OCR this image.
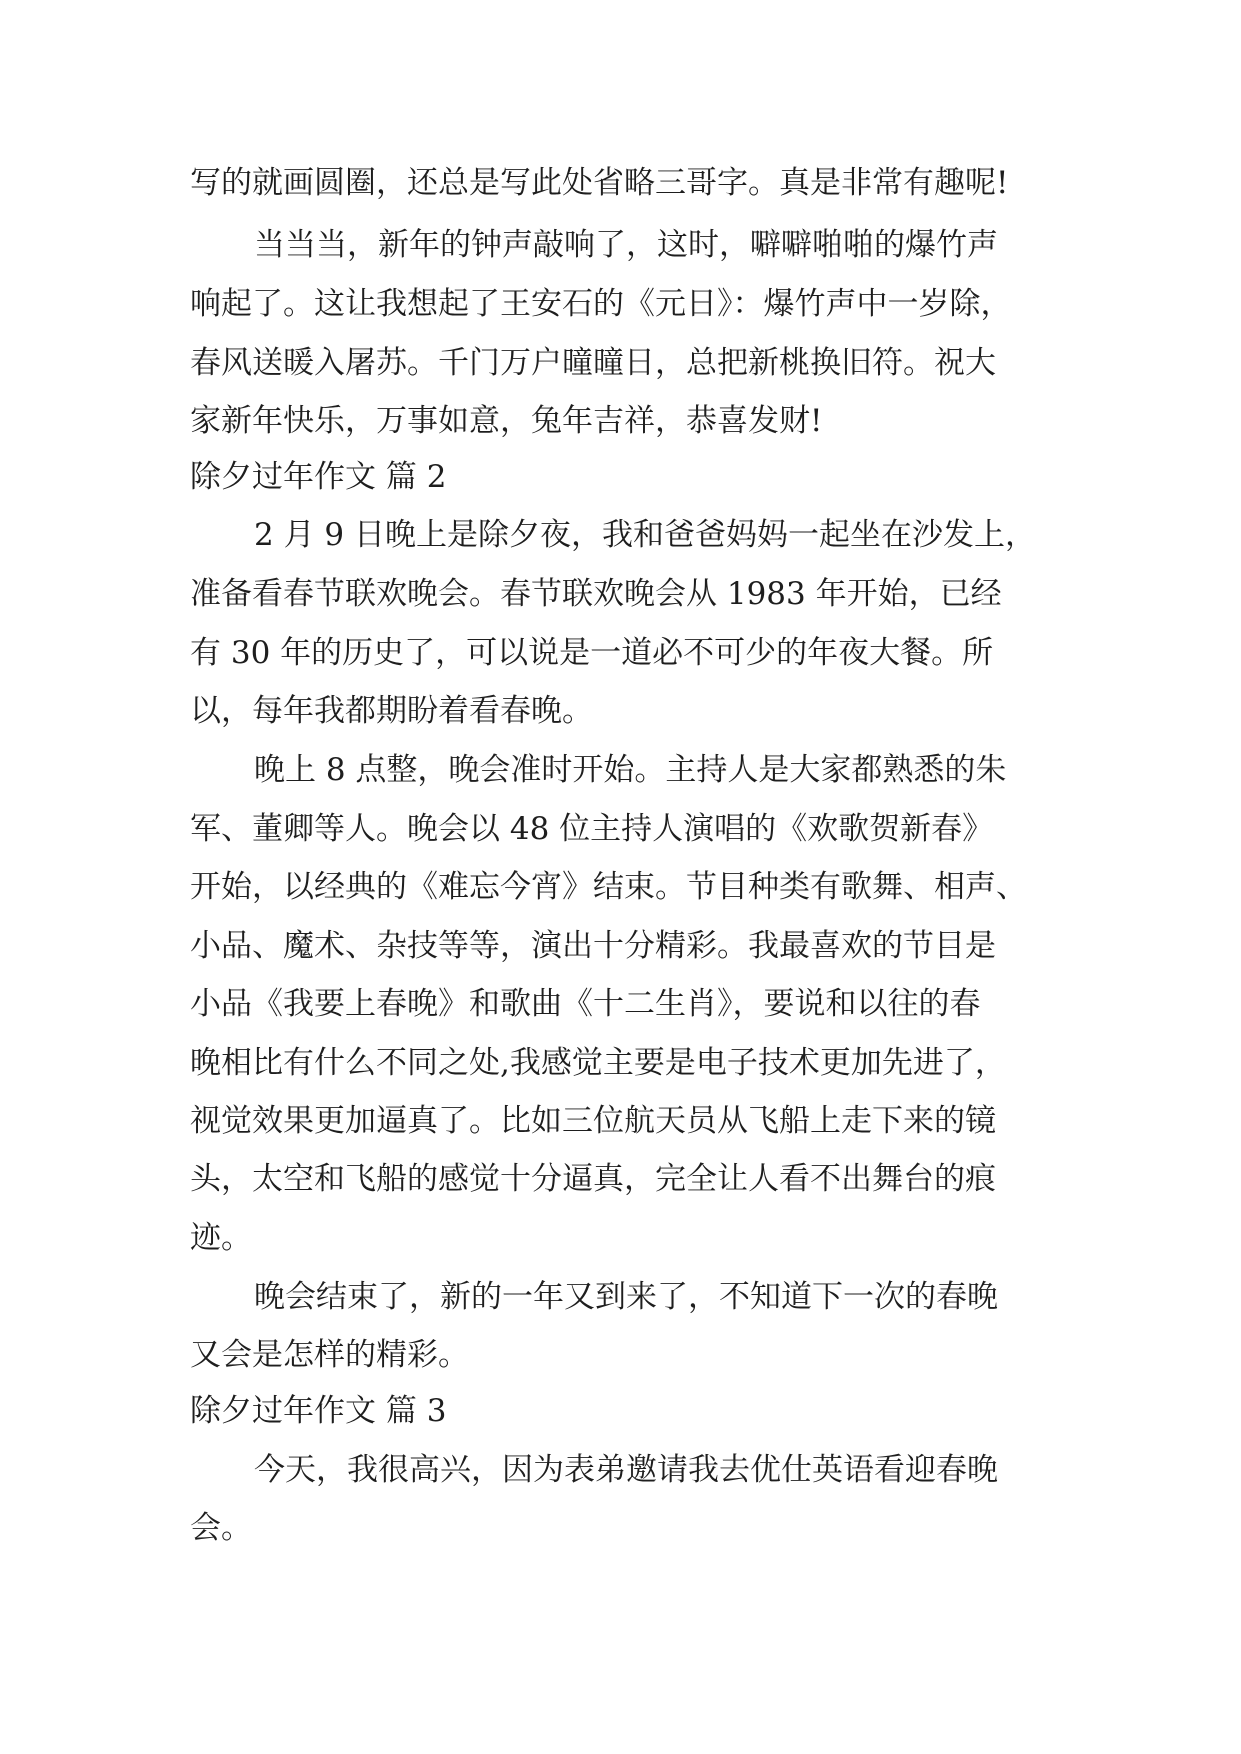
写的就画圆圈，还总是写此处省略三哥字。真是非常有趣呢!
当当当，新年的钟声敲响了，这时，噼噼啪啪的爆竹声
响起了。这让我想起了王安石的《元日》：爆竹声中一岁除，
春风送暖入屠苏。千门万户曈曈日，总把新桃换旧符。祝大
家新年快乐，万事如意，兔年吉祥，恭喜发财!
除夕过年作文 篇 2
2 月 9 日晚上是除夕夜，我和爸爸妈妈一起坐在沙发上，
准备看春节联欢晚会。春节联欢晚会从 1983 年开始，已经
有 30 年的历史了，可以说是一道必不可少的年夜大餐。所
以，每年我都期盼着看春晚。
晚上 8 点整，晚会准时开始。主持人是大家都熟悉的朱
军、董卿等人。晚会以 48 位主持人演唱的《欢歌贺新春》
开始，以经典的《难忘今宵》结束。节目种类有歌舞、相声、
小品、魔术、杂技等等，演出十分精彩。我最喜欢的节目是
小品《我要上春晚》和歌曲《十二生肖》，要说和以往的春
晚相比有什么不同之处,我感觉主要是电子技术更加先进了，
视觉效果更加逼真了。比如三位航天员从飞船上走下来的镜
头，太空和飞船的感觉十分逼真，完全让人看不出舞台的痕
迹。
晚会结束了，新的一年又到来了，不知道下一次的春晚
又会是怎样的精彩。
除夕过年作文 篇 3
今天，我很高兴，因为表弟邀请我去优仕英语看迎春晚
会。
